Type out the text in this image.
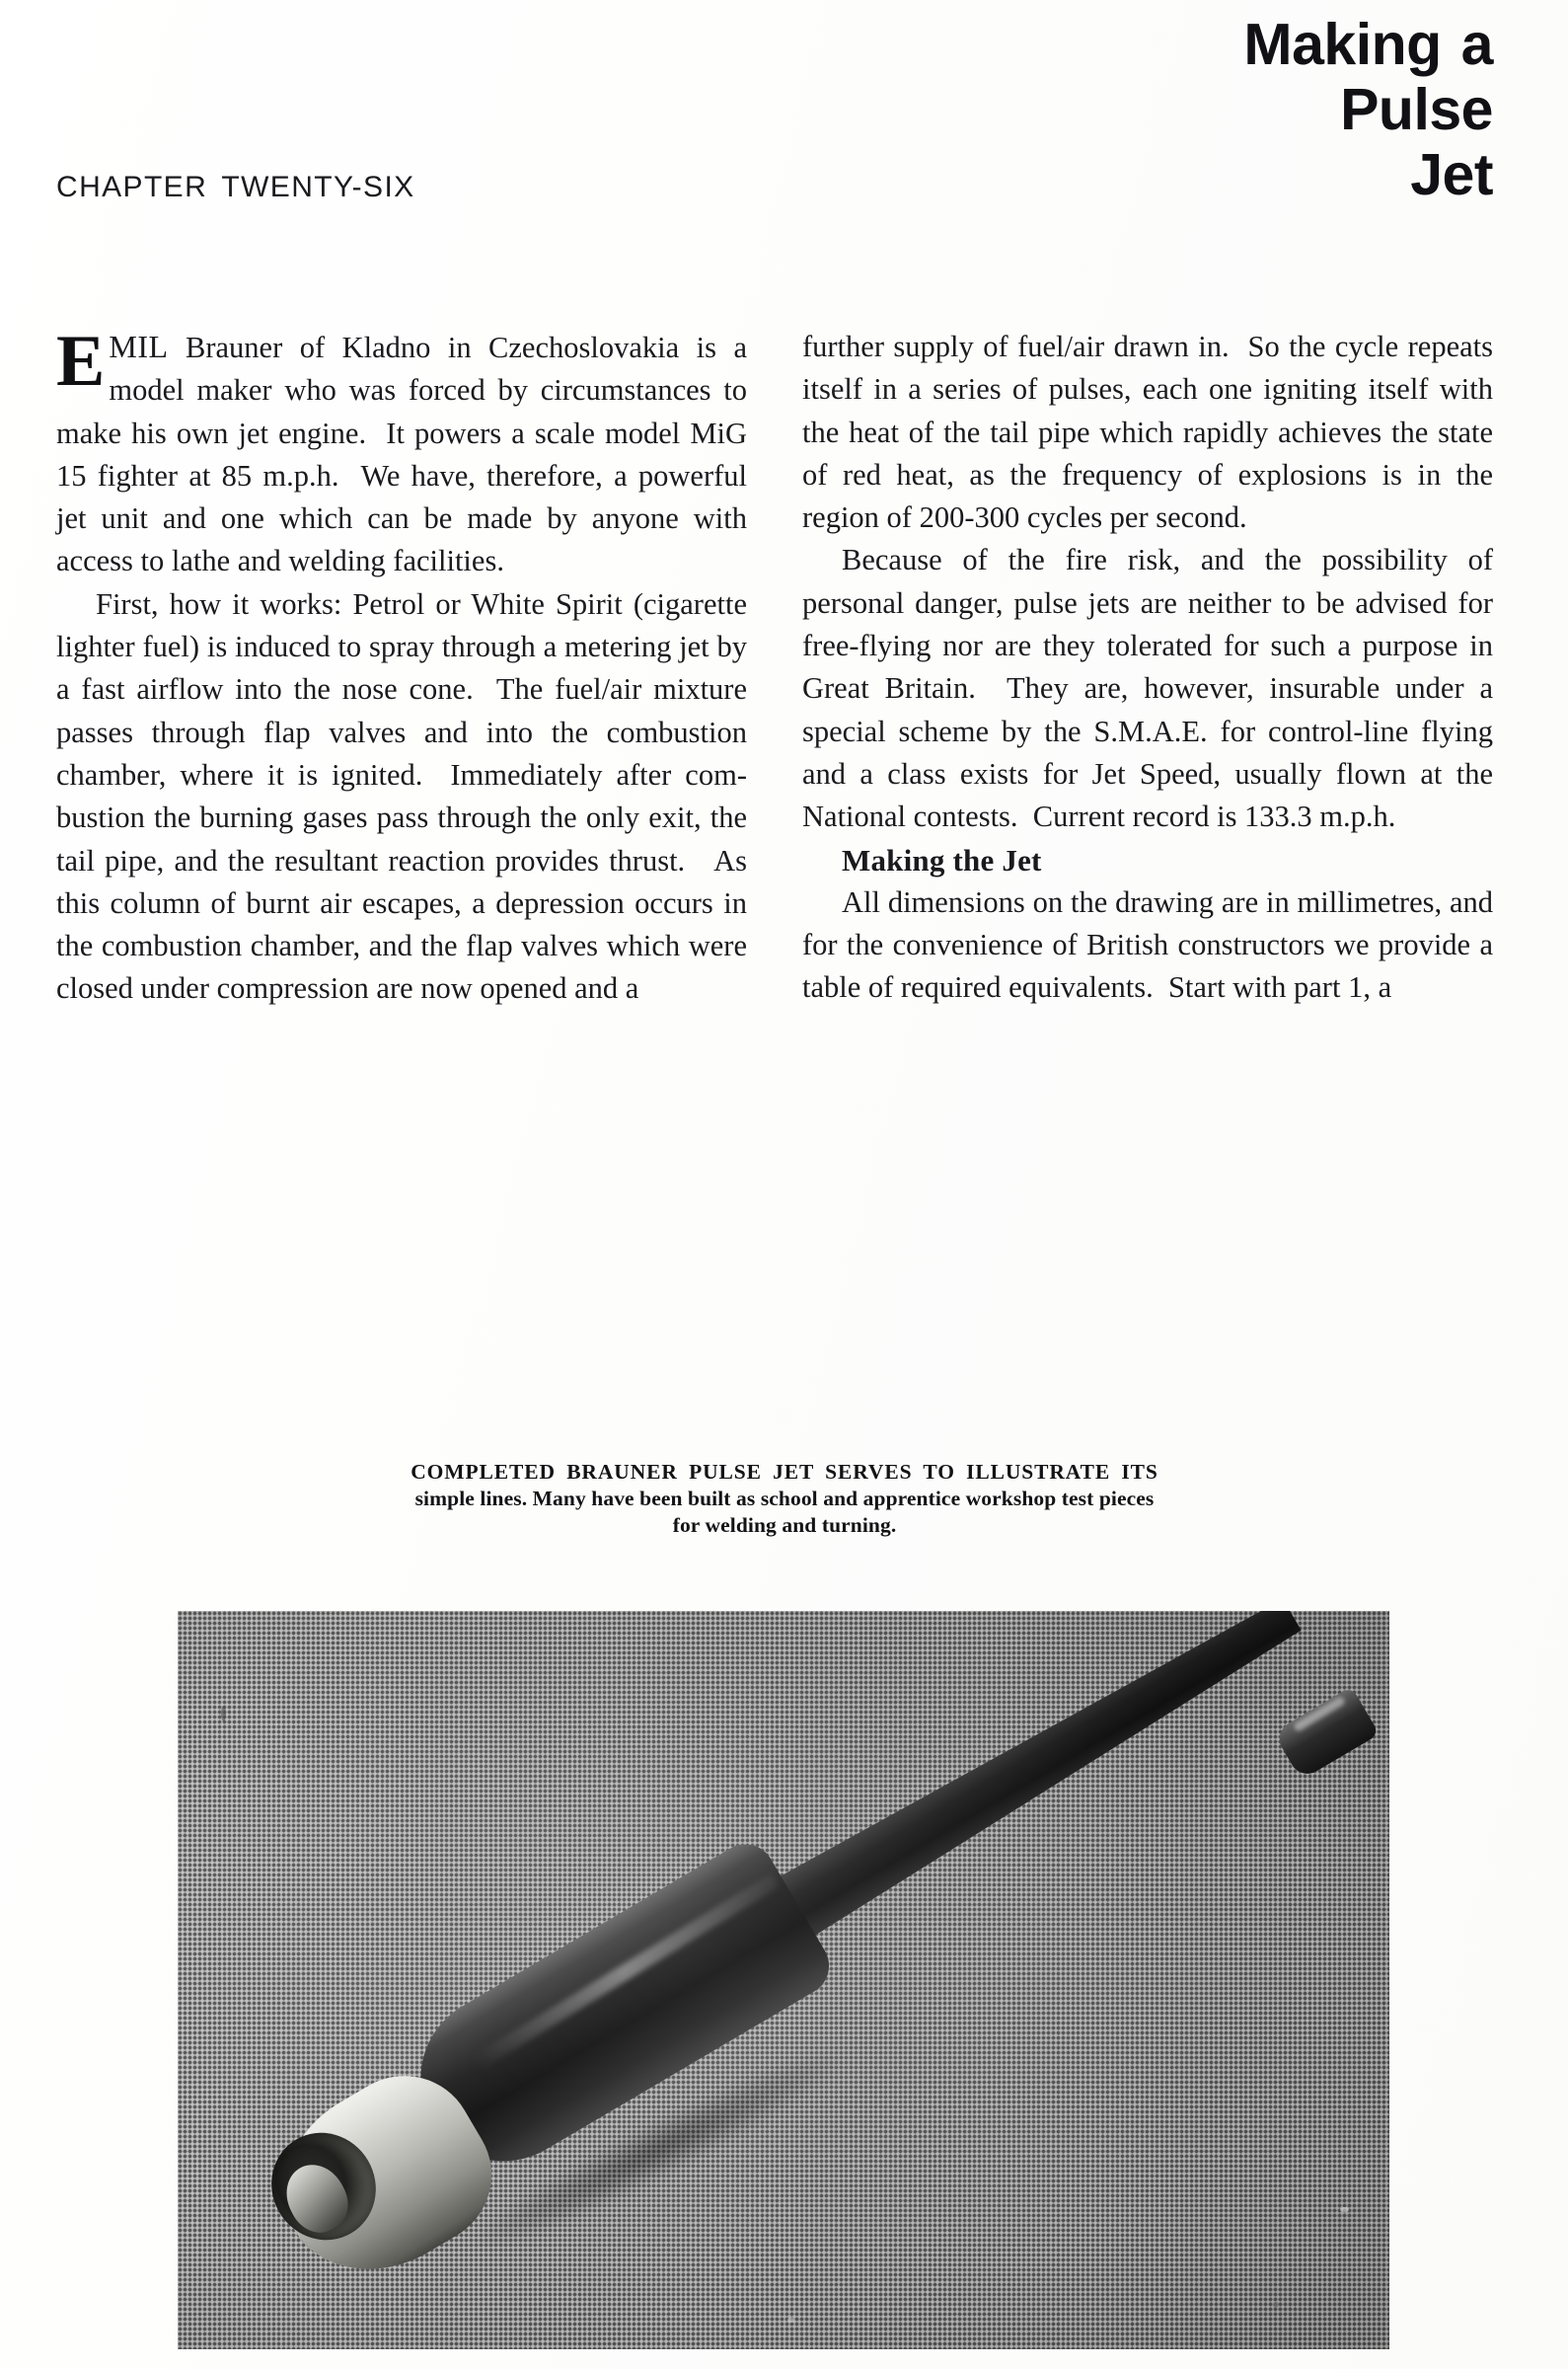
CHAPTER TWENTY-SIX
Making a
Pulse
Jet

EMIL Brauner of Kladno in Czechoslovakia is a model maker who was forced by circumstances to make his own jet engine.  It powers a scale model MiG 15 fighter at 85 m.p.h.  We have, therefore, a powerful jet unit and one which can be made by anyone with access to lathe and welding facilities.

First, how it works: Petrol or White Spirit (cigarette lighter fuel) is induced to spray through a metering jet by a fast airflow into the nose cone.  The fuel/air mixture passes through flap valves and into the combustion chamber, where it is ignited.  Immediately after combustion the burning gases pass through the only exit, the tail pipe, and the resultant reaction provides thrust.   As this column of burnt air escapes, a depression occurs in the combustion chamber, and the flap valves which were closed under compression are now opened and a

further supply of fuel/air drawn in.  So the cycle repeats itself in a series of pulses, each one igniting itself with the heat of the tail pipe which rapidly achieves the state of red heat, as the frequency of explosions is in the region of 200-300 cycles per second.

Because of the fire risk, and the possibility of personal danger, pulse jets are neither to be advised for free-flying nor are they tolerated for such a purpose in Great Britain.  They are, however, insurable under a special scheme by the S.M.A.E. for control-line flying and a class exists for Jet Speed, usually flown at the National contests.  Current record is 133.3 m.p.h.

Making the Jet

All dimensions on the drawing are in millimetres, and for the convenience of British constructors we provide a table of required equivalents.  Start with part 1, a

COMPLETED BRAUNER PULSE JET SERVES TO ILLUSTRATE ITS
simple lines. Many have been built as school and apprentice workshop test pieces
for welding and turning.
